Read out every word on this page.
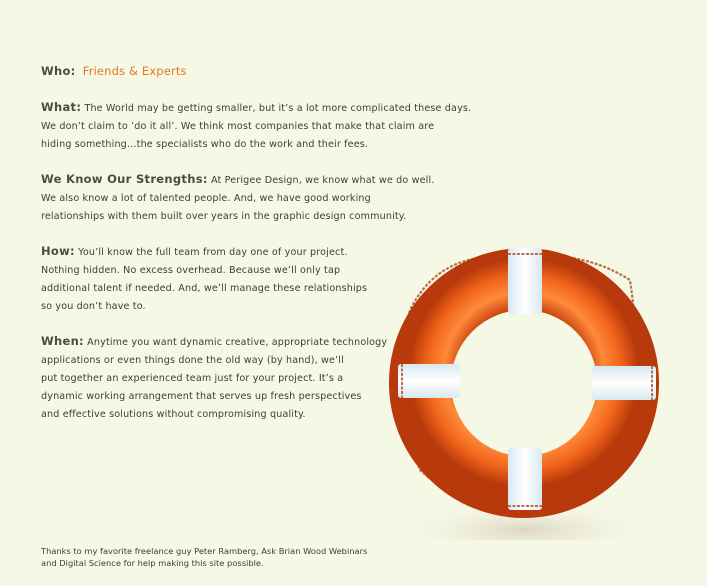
Who: Friends & Experts
What: The World may be getting smaller, but it’s a lot more complicated these days.
We don’t claim to ’do it all’. We think most companies that make that claim are
hiding something…the specialists who do the work and their fees.
We Know Our Strengths: At Perigee Design, we know what we do well.
We also know a lot of talented people. And, we have good working
relationships with them built over years in the graphic design community.
How: You’ll know the full team from day one of your project.
Nothing hidden. No excess overhead. Because we’ll only tap
additional talent if needed. And, we’ll manage these relationships
so you don’t have to.
When: Anytime you want dynamic creative, appropriate technology
applications or even things done the old way (by hand), we’ll
put together an experienced team just for your project. It’s a
dynamic working arrangement that serves up fresh perspectives
and effective solutions without compromising quality.
Thanks to my favorite freelance guy Peter Ramberg, Ask Brian Wood Webinars
and Digital Science for help making this site possible.
